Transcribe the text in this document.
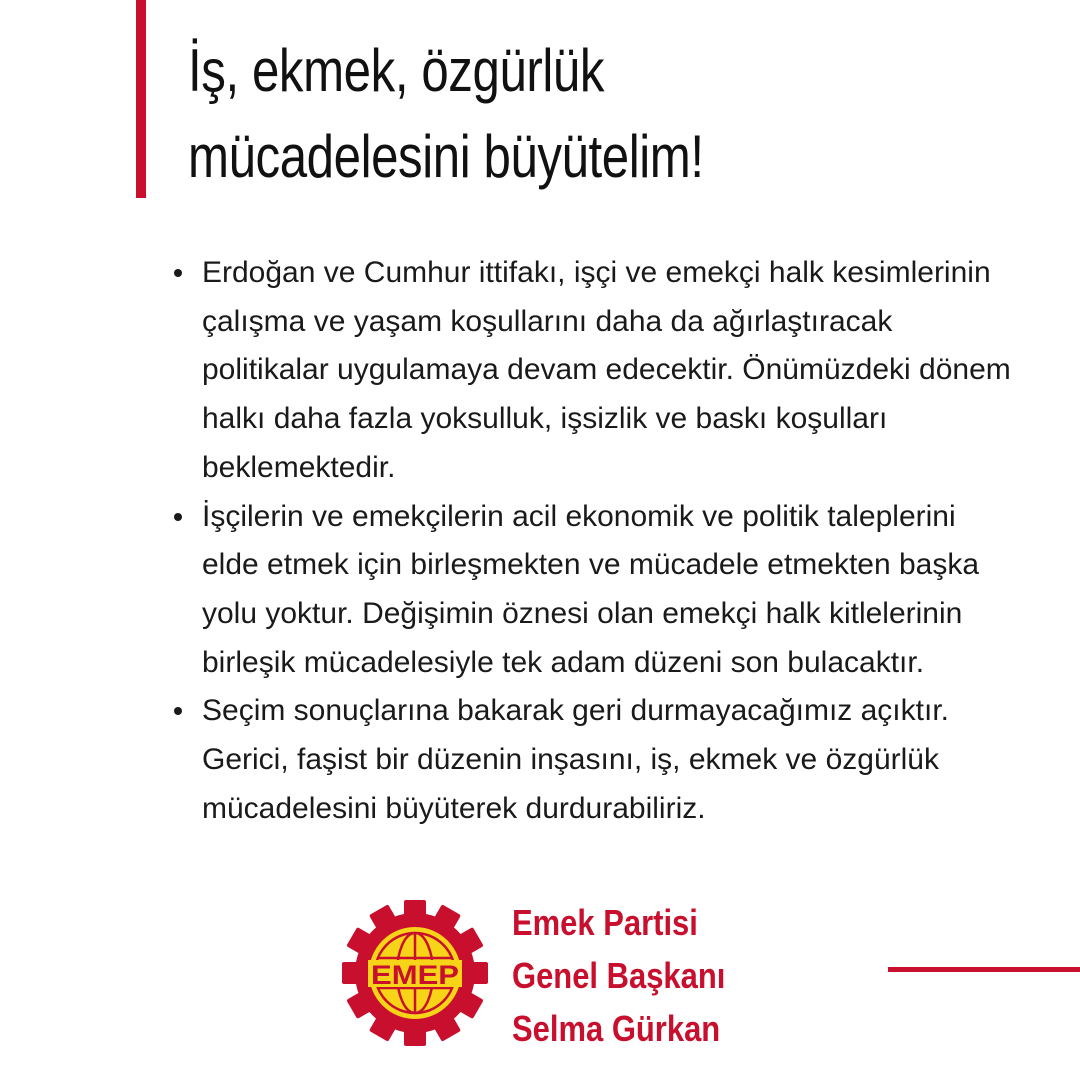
İş, ekmek, özgürlük
mücadelesini büyütelim!
Erdoğan ve Cumhur ittifakı, işçi ve emekçi halk kesimlerinin çalışma ve yaşam koşullarını daha da ağırlaştıracak politikalar uygulamaya devam edecektir. Önümüzdeki dönem halkı daha fazla yoksulluk, işsizlik ve baskı koşulları beklemektedir.
İşçilerin ve emekçilerin acil ekonomik ve politik taleplerini elde etmek için birleşmekten ve mücadele etmekten başka yolu yoktur. Değişimin öznesi olan emekçi halk kitlelerinin birleşik mücadelesiyle tek adam düzeni son bulacaktır.
Seçim sonuçlarına bakarak geri durmayacağımız açıktır. Gerici, faşist bir düzenin inşasını, iş, ekmek ve özgürlük mücadelesini büyüterek durdurabiliriz.
EMEP
Emek Partisi
Genel Başkanı
Selma Gürkan
